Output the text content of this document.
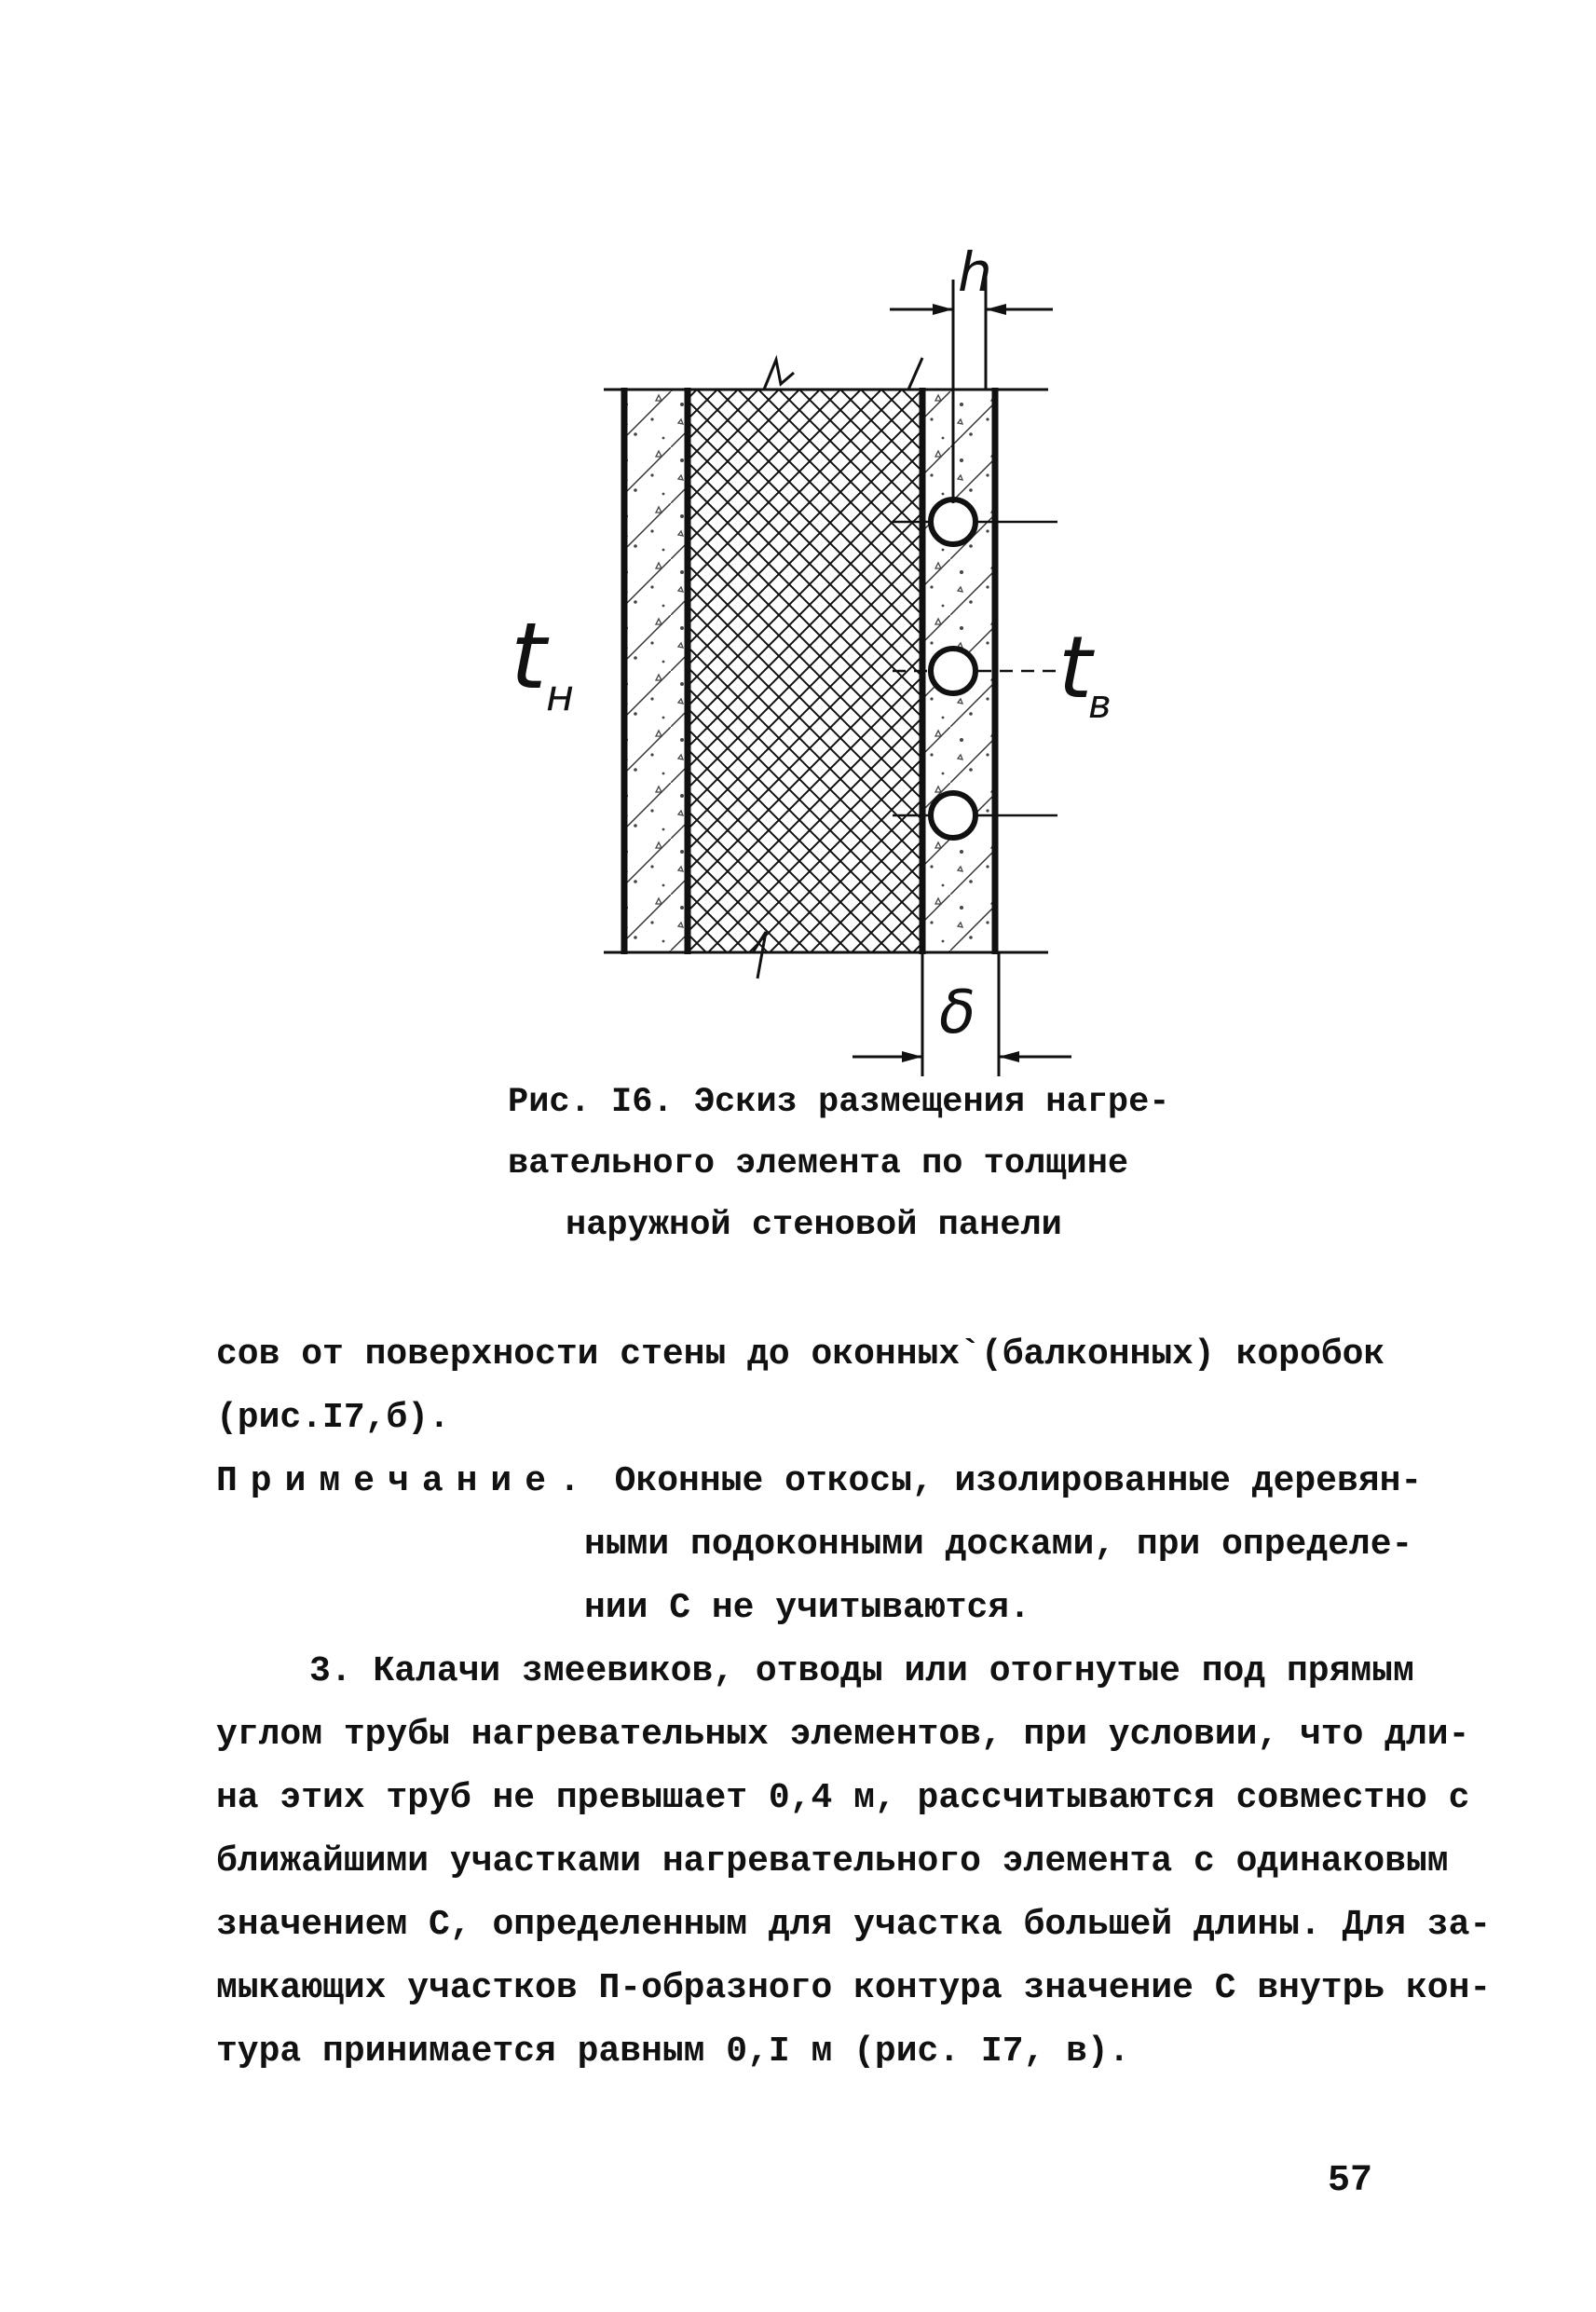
h
δ
t н	t
в
Рис. I6. Эскиз размещения нагре-
вательного элемента по толщине
наружной стеновой панели
сов от поверхности стены до оконных`(балконных) коробок
(рис.I7,б).
Примечание. Оконные откосы, изолированные деревян-
ными подоконными досками, при определе-
нии С не учитываются.
3. Калачи змеевиков, отводы или отогнутые под прямым
углом трубы нагревательных элементов, при условии, что дли-
на этих труб не превышает 0,4 м, рассчитываются совместно с
ближайшими участками нагревательного элемента с одинаковым
значением С, определенным для участка большей длины. Для за-
мыкающих участков П-образного контура значение С внутрь кон-
тура принимается равным 0,I м (рис. I7, в).
57
